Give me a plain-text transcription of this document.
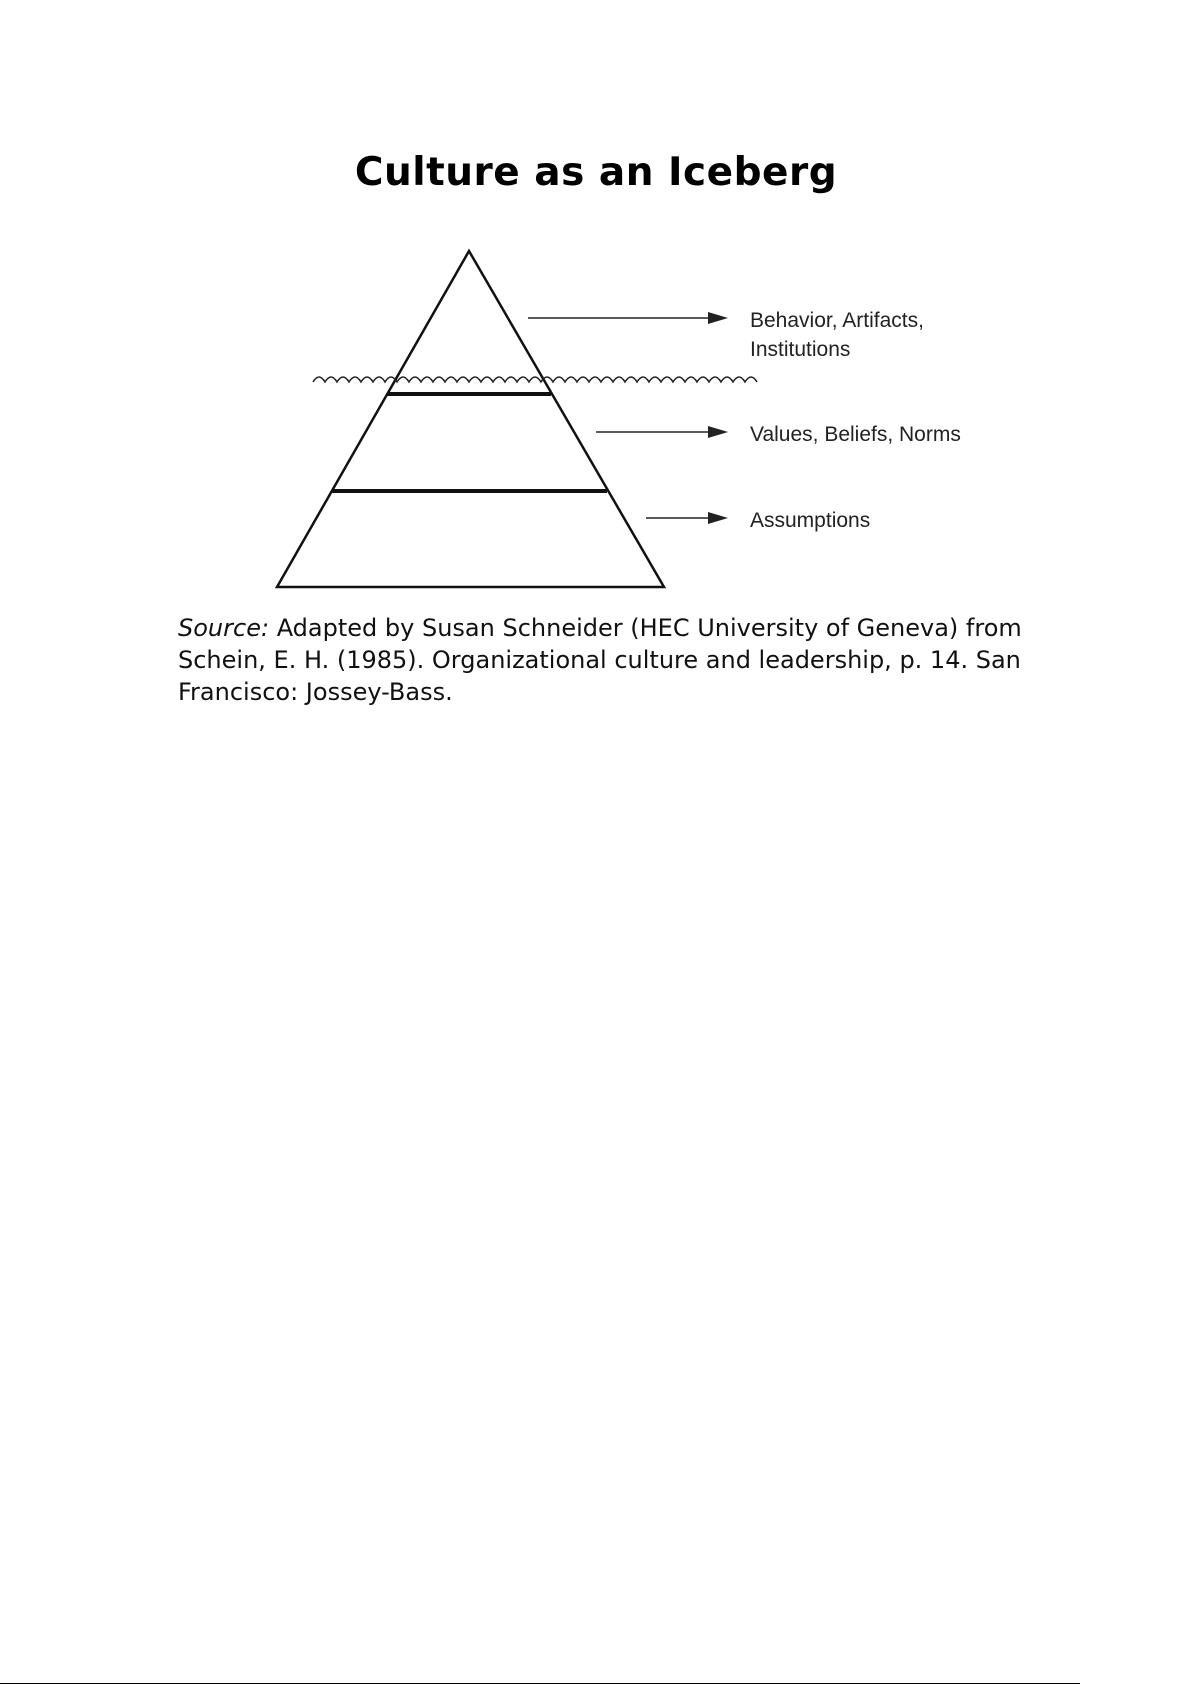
Culture as an Iceberg
Behavior, Artifacts,
Institutions
Values, Beliefs, Norms
Assumptions
Source: Adapted by Susan Schneider (HEC University of Geneva) from Schein, E. H. (1985). Organizational culture and leadership, p. 14. San Francisco: Jossey-Bass.
